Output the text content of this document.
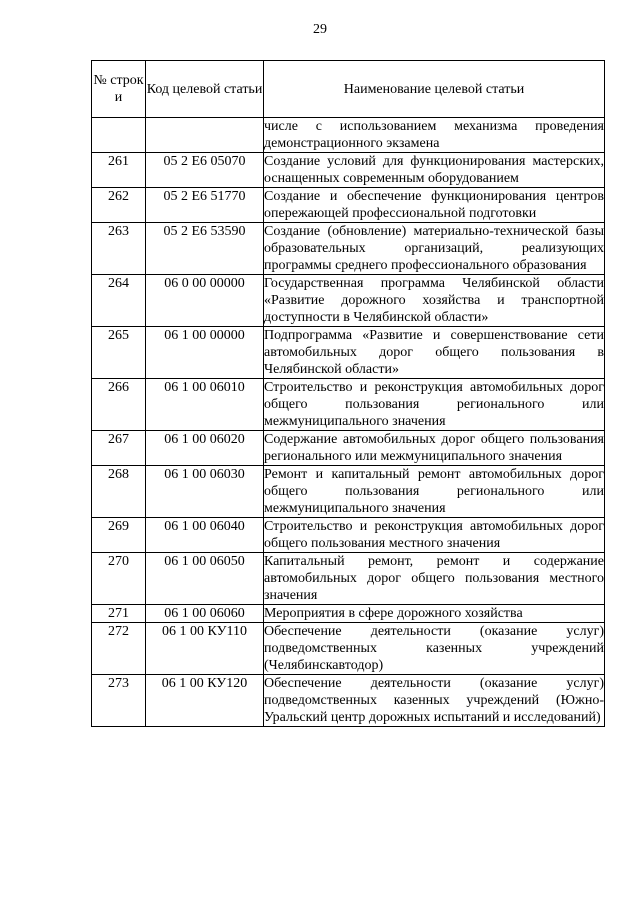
29
№ строк и	Код целевой статьи	Наименование целевой статьи
		числе с использованием механизма проведения демонстрационного экзамена
261	05 2 Е6 05070	Создание условий для функционирования мастерских, оснащенных современным оборудованием
262	05 2 Е6 51770	Создание и обеспечение функционирования центров опережающей профессиональной подготовки
263	05 2 Е6 53590	Создание (обновление) материально-технической базы образовательных организаций, реализующих программы среднего профессионального образования
264	06 0 00 00000	Государственная программа Челябинской области «Развитие дорожного хозяйства и транспортной доступности в Челябинской области»
265	06 1 00 00000	Подпрограмма «Развитие и совершенствование сети автомобильных дорог общего пользования в Челябинской области»
266	06 1 00 06010	Строительство и реконструкция автомобильных дорог общего пользования регионального или межмуниципального значения
267	06 1 00 06020	Содержание автомобильных дорог общего пользования регионального или межмуниципального значения
268	06 1 00 06030	Ремонт и капитальный ремонт автомобильных дорог общего пользования регионального или межмуниципального значения
269	06 1 00 06040	Строительство и реконструкция автомобильных дорог общего пользования местного значения
270	06 1 00 06050	Капитальный ремонт, ремонт и содержание автомобильных дорог общего пользования местного значения
271	06 1 00 06060	Мероприятия в сфере дорожного хозяйства
272	06 1 00 КУ110	Обеспечение деятельности (оказание услуг) подведомственных казенных учреждений (Челябинскавтодор)
273	06 1 00 КУ120	Обеспечение деятельности (оказание услуг) подведомственных казенных учреждений (Южно-Уральский центр дорожных испытаний и исследований)
